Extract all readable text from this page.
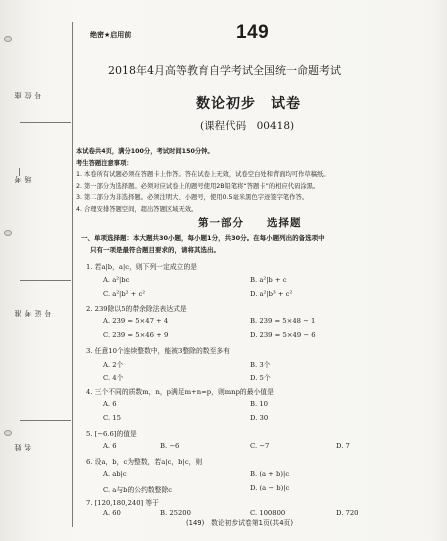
座位号
考场
准考证号
姓名

绝密★启用前	149

2018年4月高等教育自学考试全国统一命题考试

数论初步　试卷

(课程代码　00418)

本试卷共4页，满分100分，考试时间150分钟。
考生答题注意事项：
1. 本卷所有试题必须在答题卡上作答。答在试卷上无效，试卷空白处和背面均可作草稿纸。
2. 第一部分为选择题。必须对应试卷上的题号使用2B铅笔将“答题卡”的相应代码涂黑。
3. 第二部分为非选择题。必须注明大、小题号，使用0.5毫米黑色字迹签字笔作答。
4. 合理安排答题空间，超出答题区域无效。

第一部分　　选择题

一、单项选择题：本大题共30小题，每小题1分，共30分。在每小题列出的备选项中
只有一项是最符合题目要求的，请将其选出。
1. 若a|b，a|c，则下列一定成立的是
A. a²|bc	B. a²|b + c
C. a²|b² + c²	D. a²|b³ + c²
2. 239除以5的带余除法表达式是
A. 239 = 5×47 + 4	B. 239 = 5×48 − 1
C. 239 = 5×46 + 9	D. 239 = 5×49 − 6
3. 任意10个连续整数中，能被3整除的数至多有
A. 2个	B. 3个
C. 4个	D. 5个
4. 三个不同的质数m，n，p满足m+n=p，则mnp的最小值是
A. 6	B. 10
C. 15	D. 30
5. [−6.6]的值是
A. 6	B. −6	C. −7	D. 7
6. 设a，b，c为整数，若a|c，b|c，则
A. ab|c	B. (a + b)|c
C. a与b的公约数整除c	D. (a − b)|c
7. [120,180,240] 等于
A. 60	B. 25200	C. 100800	D. 720

(149)　数论初步试卷第1页(共4页)
